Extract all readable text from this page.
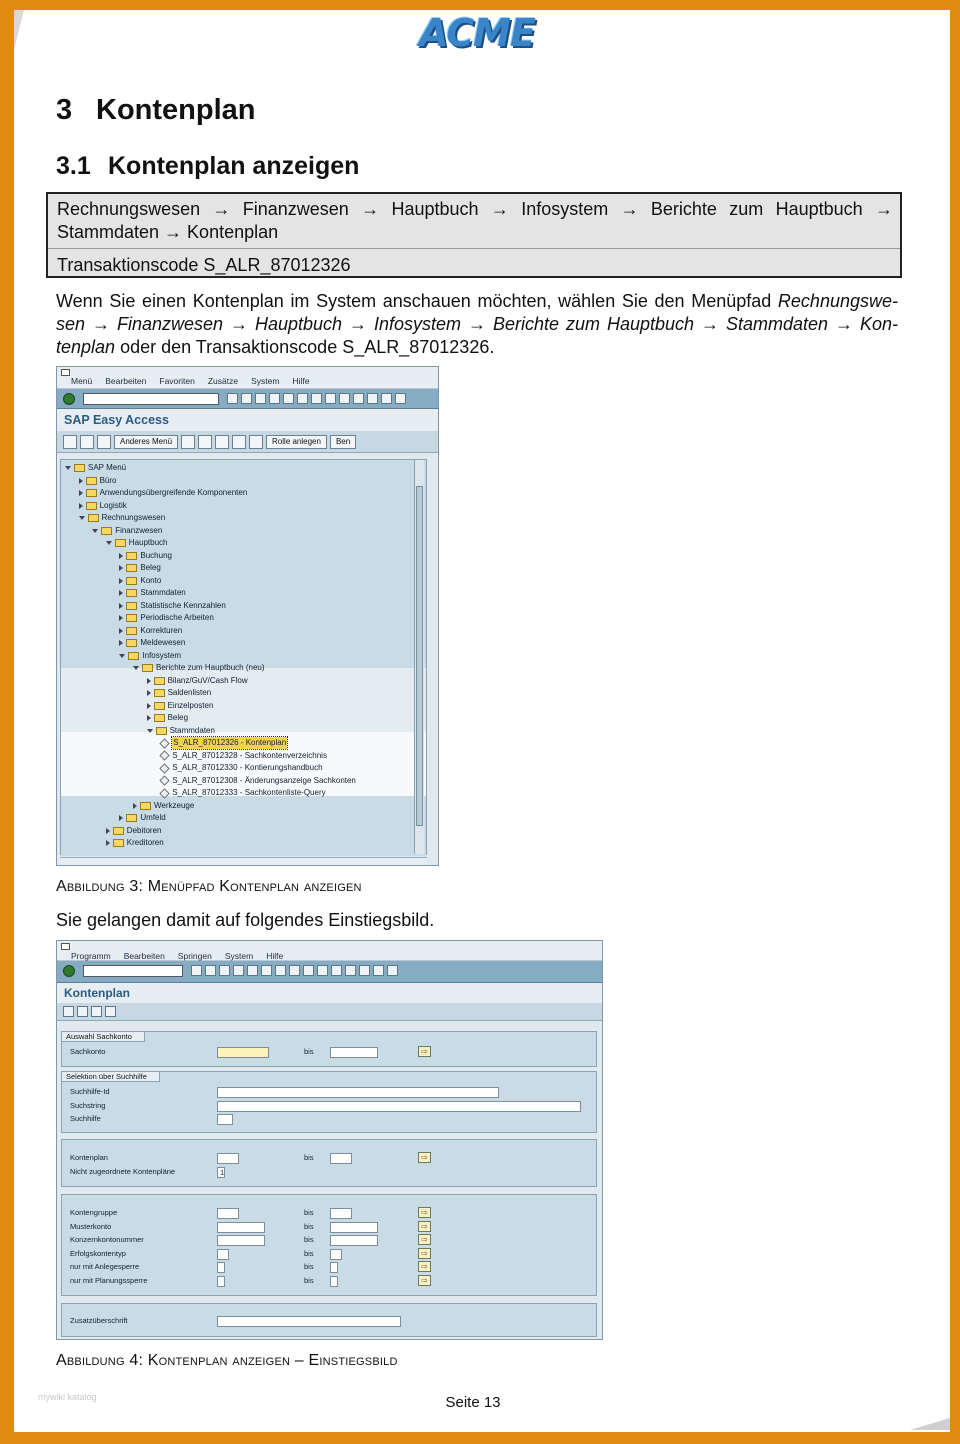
ACME
3 Kontenplan
3.1 Kontenplan anzeigen
Rechnungswesen → Finanzwesen → Hauptbuch → Infosystem → Berichte zum Hauptbuch →
Stammdaten → Kontenplan
Transaktionscode S_ALR_87012326
Wenn Sie einen Kontenplan im System anschauen möchten, wählen Sie den Menüpfad Rechnungswe-
sen → Finanzwesen → Hauptbuch → Infosystem → Berichte zum Hauptbuch → Stammdaten → Kon-
tenplan oder den Transaktionscode S_ALR_87012326.
Menü Bearbeiten Favoriten Zusätze System Hilfe
SAP Easy Access
Anderes Menü	Rolle anlegen	Ben
SAP Menü
Büro
Anwendungsübergreifende Komponenten
Logistik
Rechnungswesen
Finanzwesen
Hauptbuch
Buchung
Beleg
Konto
Stammdaten
Statistische Kennzahlen
Periodische Arbeiten
Korrekturen
Meldewesen
Infosystem
Berichte zum Hauptbuch (neu)
Bilanz/GuV/Cash Flow
Saldenlisten
Einzelposten
Beleg
Stammdaten
S_ALR_87012326 - Kontenplan
S_ALR_87012328 - Sachkontenverzeichnis
S_ALR_87012330 - Kontierungshandbuch
S_ALR_87012308 - Änderungsanzeige Sachkonten
S_ALR_87012333 - Sachkontenliste-Query
Werkzeuge
Umfeld
Debitoren
Kreditoren
Abbildung 3: Menüpfad Kontenplan anzeigen
Sie gelangen damit auf folgendes Einstiegsbild.
Programm Bearbeiten Springen System Hilfe
Kontenplan
Auswahl Sachkonto
Sachkonto	bis	⇨
Selektion über Suchhilfe
Suchhilfe-Id
Suchstring
Suchhilfe
Kontenplan	bis	⇨
Nicht zugeordnete Kontenpläne	1
Kontengruppe	bis	⇨
Musterkonto	bis	⇨
Konzernkontonummer	bis	⇨
Erfolgskontentyp	bis	⇨
nur mit Anlegesperre	bis	⇨
nur mit Planungssperre	bis	⇨
Zusatzüberschrift
Abbildung 4: Kontenplan anzeigen – Einstiegsbild
mywiki katalog	Seite 13
